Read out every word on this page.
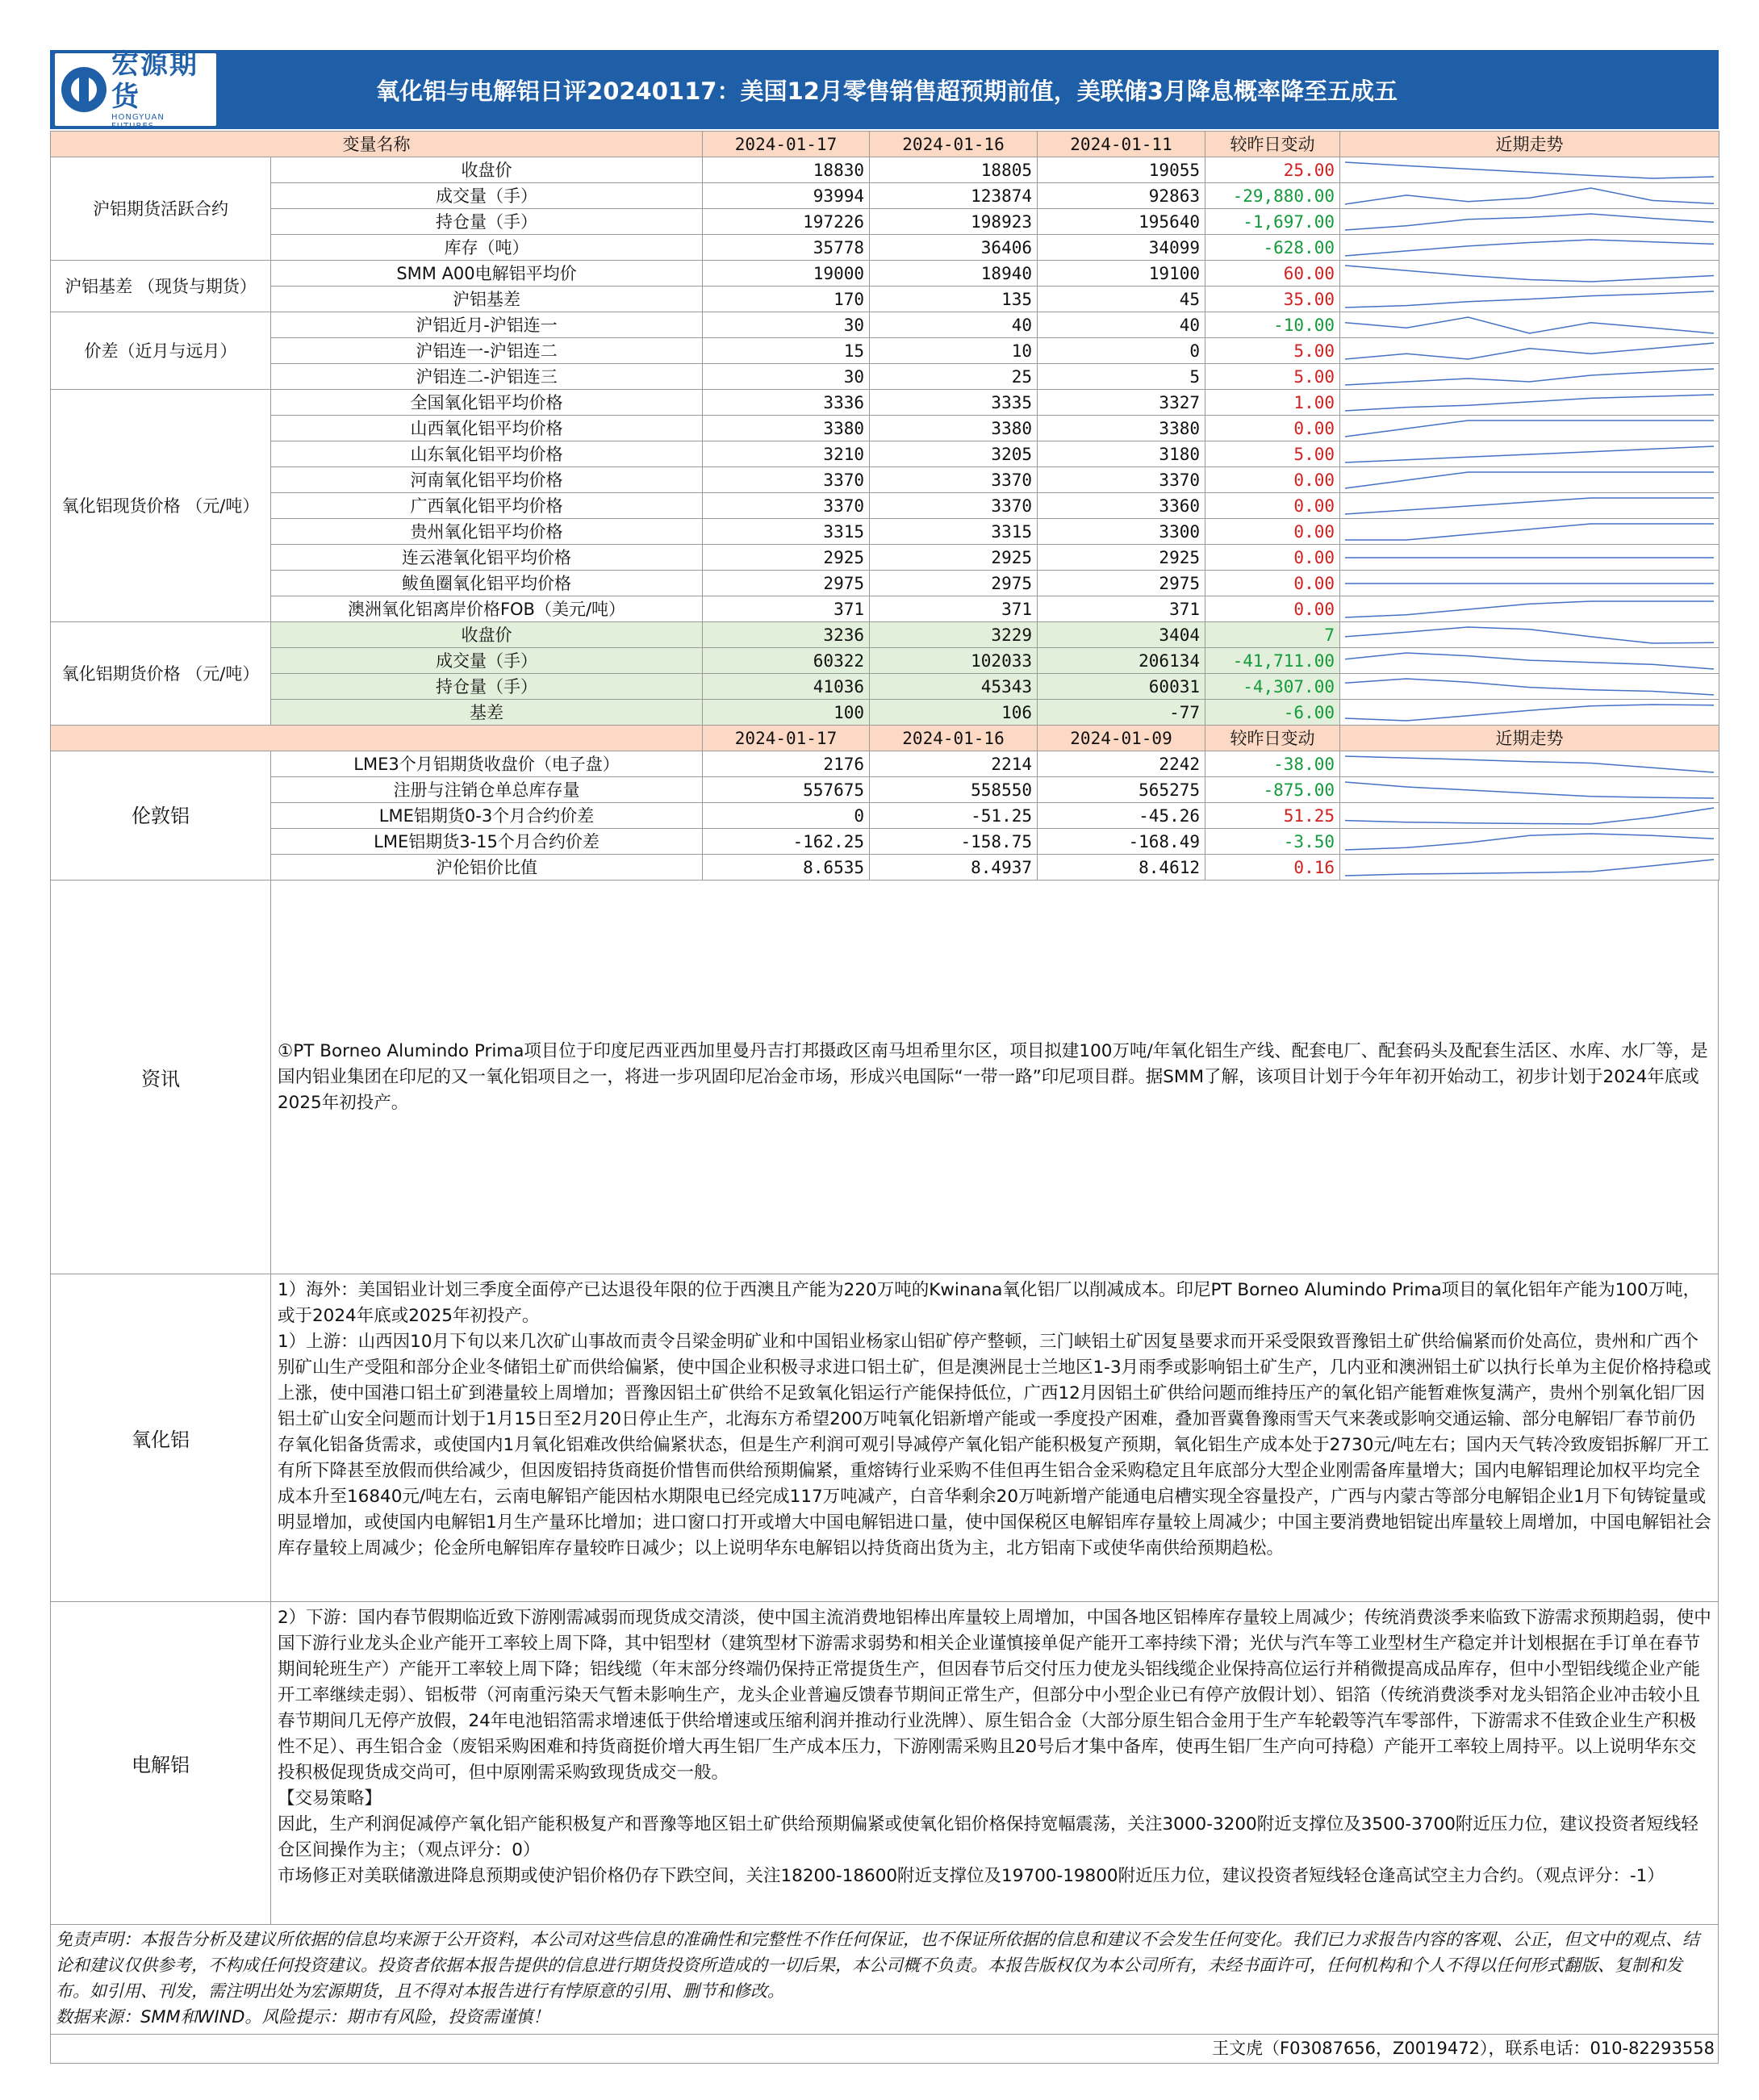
宏源期货
HONGYUAN FUTURES
氧化铝与电解铝日评20240117：美国12月零售销售超预期前值，美联储3月降息概率降至五成五
变量名称		2024-01-17	2024-01-16	2024-01-11	较昨日变动	近期走势
沪铝期货活跃合约	收盘价	18830	18805	19055	25.00	

	成交量（手）	93994	123874	92863	-29,880.00	

	持仓量（手）	197226	198923	195640	-1,697.00	

	库存（吨）	35778	36406	34099	-628.00	

沪铝基差 （现货与期货）	SMM A00电解铝平均价	19000	18940	19100	60.00	

	沪铝基差	170	135	45	35.00	

价差（近月与远月）	沪铝近月-沪铝连一	30	40	40	-10.00	

	沪铝连一-沪铝连二	15	10	0	5.00	

	沪铝连二-沪铝连三	30	25	5	5.00	

氧化铝现货价格 （元/吨）	全国氧化铝平均价格	3336	3335	3327	1.00	

	山西氧化铝平均价格	3380	3380	3380	0.00	

	山东氧化铝平均价格	3210	3205	3180	5.00	

	河南氧化铝平均价格	3370	3370	3370	0.00	

	广西氧化铝平均价格	3370	3370	3360	0.00	

	贵州氧化铝平均价格	3315	3315	3300	0.00	

	连云港氧化铝平均价格	2925	2925	2925	0.00	

	鲅鱼圈氧化铝平均价格	2975	2975	2975	0.00	

	澳洲氧化铝离岸价格FOB（美元/吨）	371	371	371	0.00	

氧化铝期货价格 （元/吨）	收盘价	3236	3229	3404	7	

	成交量（手）	60322	102033	206134	-41,711.00	

	持仓量（手）	41036	45343	60031	-4,307.00	

	基差	100	106	-77	-6.00	

		2024-01-17	2024-01-16	2024-01-09	较昨日变动	近期走势
伦敦铝	LME3个月铝期货收盘价（电子盘）	2176	2214	2242	-38.00	

	注册与注销仓单总库存量	557675	558550	565275	-875.00	

	LME铝期货0-3个月合约价差	0	-51.25	-45.26	51.25	

	LME铝期货3-15个月合约价差	-162.25	-158.75	-168.49	-3.50	

	沪伦铝价比值	8.6535	8.4937	8.4612	0.16	
资讯
①PT Borneo Alumindo Prima项目位于印度尼西亚西加里曼丹吉打邦摄政区南马坦希里尔区，项目拟建100万吨/年氧化铝生产线、配套电厂、配套码头及配套生活区、水库、水厂等，是国内铝业集团在印尼的又一氧化铝项目之一，将进一步巩固印尼冶金市场，形成兴电国际“一带一路”印尼项目群。据SMM了解，该项目计划于今年年初开始动工，初步计划于2024年底或2025年初投产。
氧化铝
1）海外：美国铝业计划三季度全面停产已达退役年限的位于西澳且产能为220万吨的Kwinana氧化铝厂以削减成本。印尼PT Borneo Alumindo Prima项目的氧化铝年产能为100万吨，或于2024年底或2025年初投产。
1）上游：山西因10月下旬以来几次矿山事故而责令吕梁金明矿业和中国铝业杨家山铝矿停产整顿，三门峡铝土矿因复垦要求而开采受限致晋豫铝土矿供给偏紧而价处高位，贵州和广西个别矿山生产受阻和部分企业冬储铝土矿而供给偏紧，使中国企业积极寻求进口铝土矿，但是澳洲昆士兰地区1-3月雨季或影响铝土矿生产，几内亚和澳洲铝土矿以执行长单为主促价格持稳或上涨，使中国港口铝土矿到港量较上周增加；晋豫因铝土矿供给不足致氧化铝运行产能保持低位，广西12月因铝土矿供给问题而维持压产的氧化铝产能暂难恢复满产，贵州个别氧化铝厂因铝土矿山安全问题而计划于1月15日至2月20日停止生产，北海东方希望200万吨氧化铝新增产能或一季度投产困难，叠加晋冀鲁豫雨雪天气来袭或影响交通运输、部分电解铝厂春节前仍存氧化铝备货需求，或使国内1月氧化铝难改供给偏紧状态，但是生产利润可观引导减停产氧化铝产能积极复产预期，氧化铝生产成本处于2730元/吨左右；国内天气转冷致废铝拆解厂开工有所下降甚至放假而供给减少，但因废铝持货商挺价惜售而供给预期偏紧，重熔铸行业采购不佳但再生铝合金采购稳定且年底部分大型企业刚需备库量增大；国内电解铝理论加权平均完全成本升至16840元/吨左右，云南电解铝产能因枯水期限电已经完成117万吨减产，白音华剩余20万吨新增产能通电启槽实现全容量投产，广西与内蒙古等部分电解铝企业1月下旬铸锭量或明显增加，或使国内电解铝1月生产量环比增加；进口窗口打开或增大中国电解铝进口量，使中国保税区电解铝库存量较上周减少；中国主要消费地铝锭出库量较上周增加，中国电解铝社会库存量较上周减少；伦金所电解铝库存量较昨日减少；以上说明华东电解铝以持货商出货为主，北方铝南下或使华南供给预期趋松。
电解铝
2）下游：国内春节假期临近致下游刚需减弱而现货成交清淡，使中国主流消费地铝棒出库量较上周增加，中国各地区铝棒库存量较上周减少；传统消费淡季来临致下游需求预期趋弱，使中国下游行业龙头企业产能开工率较上周下降，其中铝型材（建筑型材下游需求弱势和相关企业谨慎接单促产能开工率持续下滑；光伏与汽车等工业型材生产稳定并计划根据在手订单在春节期间轮班生产）产能开工率较上周下降；铝线缆（年末部分终端仍保持正常提货生产，但因春节后交付压力使龙头铝线缆企业保持高位运行并稍微提高成品库存，但中小型铝线缆企业产能开工率继续走弱）、铝板带（河南重污染天气暂未影响生产，龙头企业普遍反馈春节期间正常生产，但部分中小型企业已有停产放假计划）、铝箔（传统消费淡季对龙头铝箔企业冲击较小且春节期间几无停产放假，24年电池铝箔需求增速低于供给增速或压缩利润并推动行业洗牌）、原生铝合金（大部分原生铝合金用于生产车轮毂等汽车零部件，下游需求不佳致企业生产积极性不足）、再生铝合金（废铝采购困难和持货商挺价增大再生铝厂生产成本压力，下游刚需采购且20号后才集中备库，使再生铝厂生产向可持稳）产能开工率较上周持平。以上说明华东交投积极促现货成交尚可，但中原刚需采购致现货成交一般。
【交易策略】
因此，生产利润促减停产氧化铝产能积极复产和晋豫等地区铝土矿供给预期偏紧或使氧化铝价格保持宽幅震荡，关注3000-3200附近支撑位及3500-3700附近压力位，建议投资者短线轻仓区间操作为主；（观点评分：0）
市场修正对美联储激进降息预期或使沪铝价格仍存下跌空间，关注18200-18600附近支撑位及19700-19800附近压力位，建议投资者短线轻仓逢高试空主力合约。（观点评分：-1）
免责声明：本报告分析及建议所依据的信息均来源于公开资料，本公司对这些信息的准确性和完整性不作任何保证，也不保证所依据的信息和建议不会发生任何变化。我们已力求报告内容的客观、公正，但文中的观点、结论和建议仅供参考，不构成任何投资建议。投资者依据本报告提供的信息进行期货投资所造成的一切后果，本公司概不负责。本报告版权仅为本公司所有，未经书面许可，任何机构和个人不得以任何形式翻版、复制和发布。如引用、刊发，需注明出处为宏源期货，且不得对本报告进行有悖原意的引用、删节和修改。
数据来源：SMM和WIND。风险提示：期市有风险，投资需谨慎！
王文虎（F03087656，Z0019472），联系电话：010-82293558
